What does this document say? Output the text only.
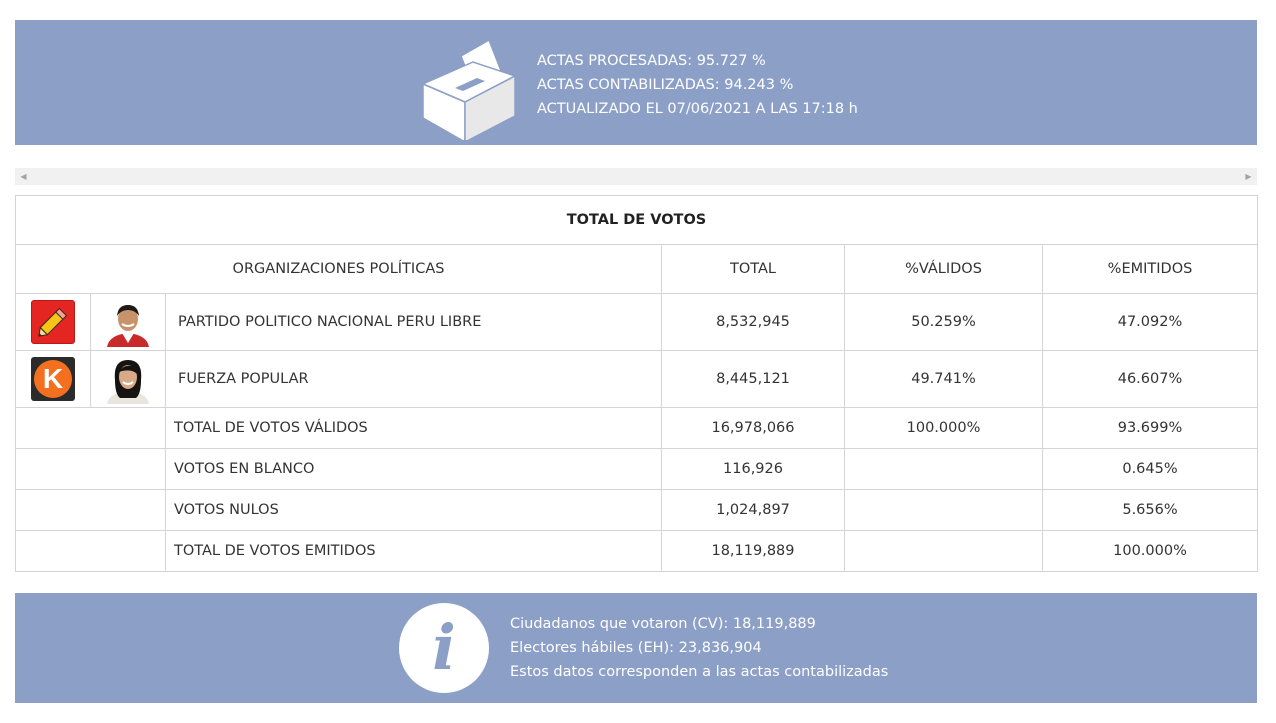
ACTAS PROCESADAS: 95.727 %
ACTAS CONTABILIZADAS: 94.243 %
ACTUALIZADO EL 07/06/2021 A LAS 17:18 h
◀	▶
TOTAL DE VOTOS					
ORGANIZACIONES POLÍTICAS			TOTAL	%VÁLIDOS	%EMITIDOS
		PARTIDO POLITICO NACIONAL PERU LIBRE	8,532,945	50.259%	47.092%

K		FUERZA POPULAR	8,445,121	49.741%	46.607%
		TOTAL DE VOTOS VÁLIDOS	16,978,066	100.000%	93.699%
		VOTOS EN BLANCO	116,926		0.645%
		VOTOS NULOS	1,024,897		5.656%
		TOTAL DE VOTOS EMITIDOS	18,119,889		100.000%
i	Ciudadanos que votaron (CV): 18,119,889
Electores hábiles (EH): 23,836,904
Estos datos corresponden a las actas contabilizadas
